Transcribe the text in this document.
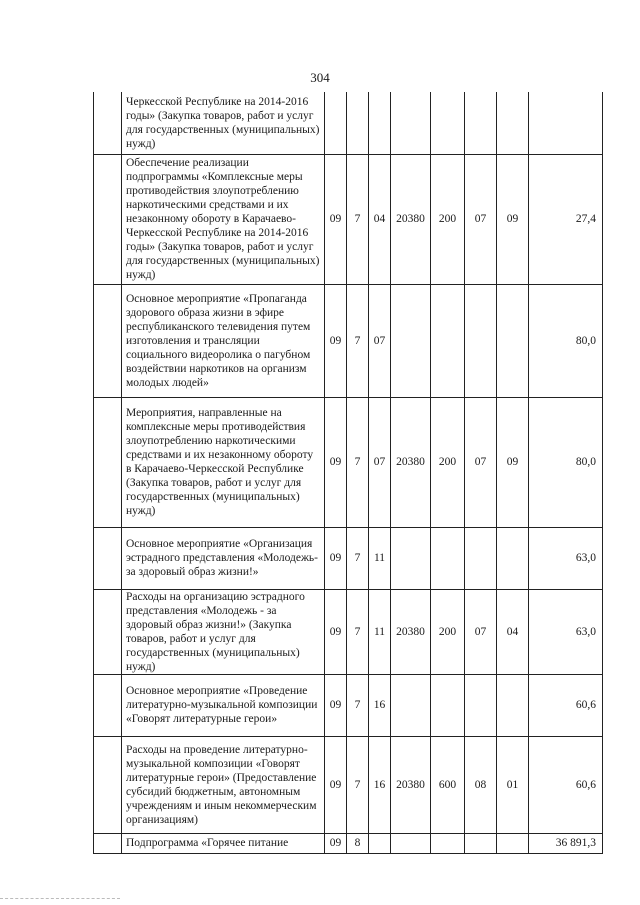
304
	Черкесской Республике на 2014-2016 годы» (Закупка товаров, работ и услуг для государственных (муниципальных) нужд)								
	Обеспечение реализации подпрограммы «Комплексные меры противодействия злоупотреблению наркотическими средствами и их незаконному обороту в Карачаево-Черкесской Республике на 2014-2016 годы» (Закупка товаров, работ и услуг для государственных (муниципальных) нужд)	09	7	04	20380	200	07	09	27,4
	Основное мероприятие «Пропаганда здорового образа жизни в эфире республиканского телевидения путем изготовления и трансляции социального видеоролика о пагубном воздействии наркотиков на организм молодых людей»	09	7	07					80,0
	Мероприятия, направленные на комплексные меры противодействия злоупотреблению наркотическими средствами и их незаконному обороту в Карачаево-Черкесской Республике (Закупка товаров, работ и услуг для государственных (муниципальных) нужд)	09	7	07	20380	200	07	09	80,0
	Основное мероприятие «Организация эстрадного представления «Молодежь-за здоровый образ жизни!»	09	7	11					63,0
	Расходы на организацию эстрадного представления «Молодежь - за здоровый образ жизни!» (Закупка товаров, работ и услуг для государственных (муниципальных) нужд)	09	7	11	20380	200	07	04	63,0
	Основное мероприятие «Проведение литературно-музыкальной композиции «Говорят литературные герои»	09	7	16					60,6
	Расходы на проведение литературно-музыкальной композиции «Говорят литературные герои» (Предоставление субсидий бюджетным, автономным учреждениям и иным некоммерческим организациям)	09	7	16	20380	600	08	01	60,6
	Подпрограмма «Горячее питание	09	8						36 891,3
